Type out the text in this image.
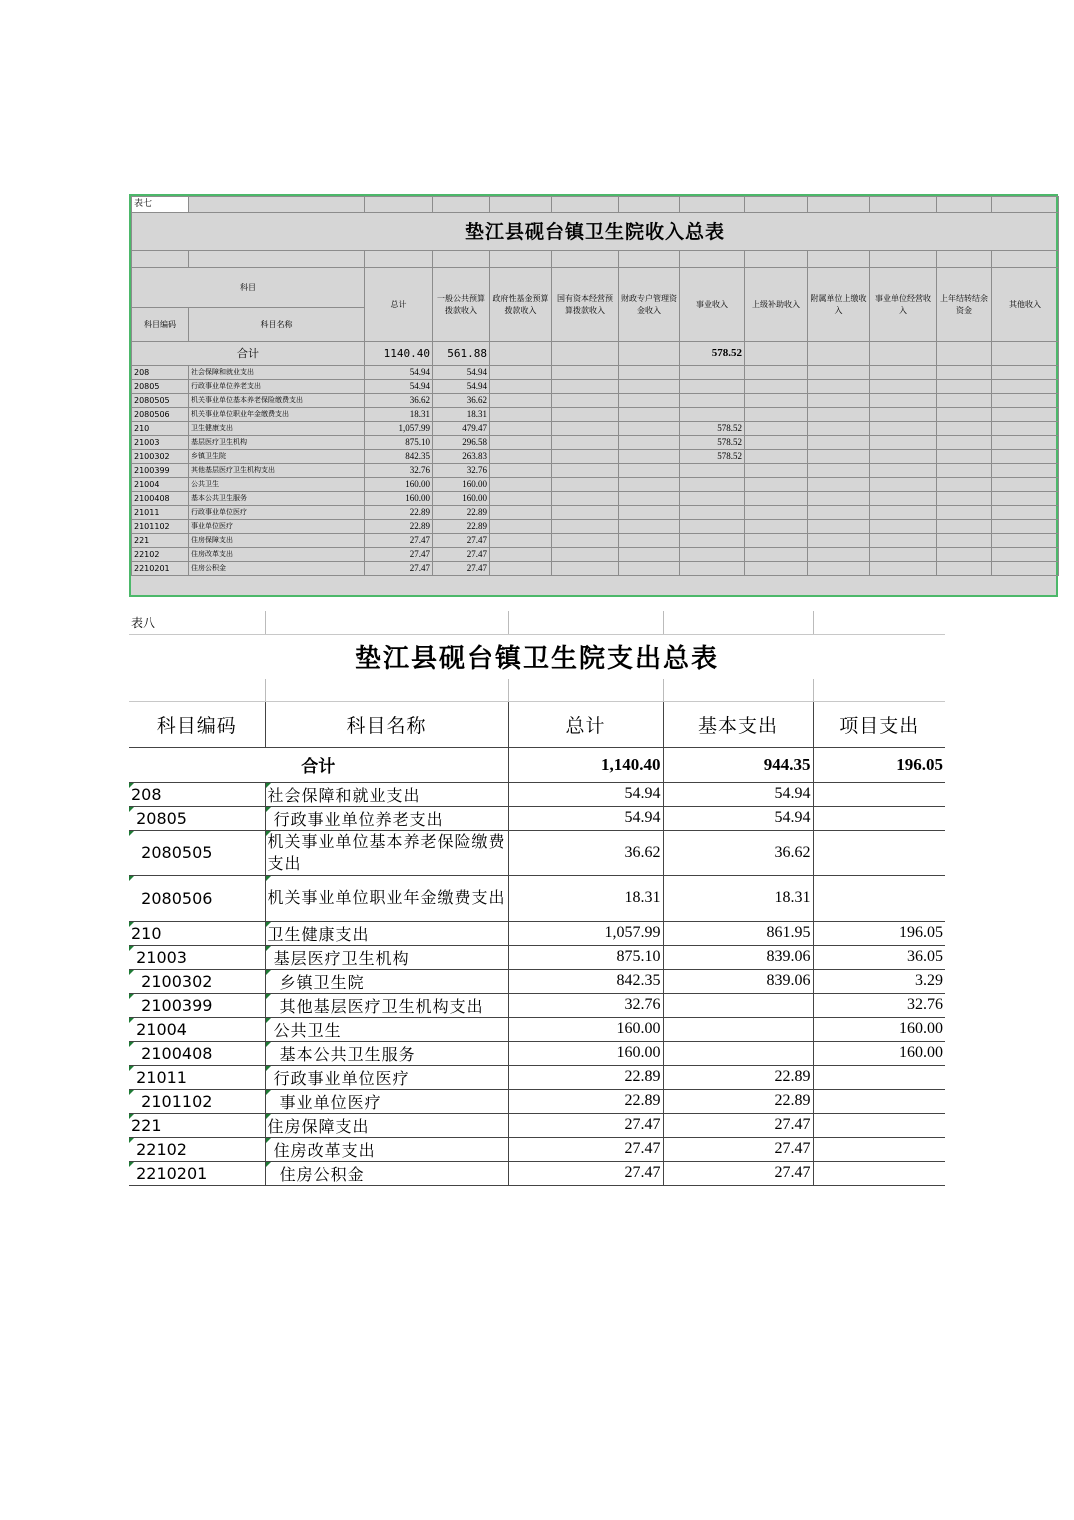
表七												
垫江县砚台镇卫生院收入总表												

科目		总计	一般公共预算拨款收入	政府性基金预算拨款收入	国有资本经营预算拨款收入	财政专户管理资金收入	事业收入	上级补助收入	附属单位上缴收入	事业单位经营收入	上年结转结余资金	其他收入
科目编码	科目名称											
合计		1140.40	561.88				578.52					
208	社会保障和就业支出	54.94	54.94									
20805	行政事业单位养老支出	54.94	54.94									
2080505	机关事业单位基本养老保险缴费支出	36.62	36.62									
2080506	机关事业单位职业年金缴费支出	18.31	18.31									
210	卫生健康支出	1,057.99	479.47				578.52					
21003	基层医疗卫生机构	875.10	296.58				578.52					
2100302	乡镇卫生院	842.35	263.83				578.52					
2100399	其他基层医疗卫生机构支出	32.76	32.76									
21004	公共卫生	160.00	160.00									
2100408	基本公共卫生服务	160.00	160.00									
21011	行政事业单位医疗	22.89	22.89									
2101102	事业单位医疗	22.89	22.89									
221	住房保障支出	27.47	27.47									
22102	住房改革支出	27.47	27.47									
2210201	住房公积金	27.47	27.47									
表八				
垫江县砚台镇卫生院支出总表				

科目编码	科目名称	总计	基本支出	项目支出
合计		1,140.40	944.35	196.05
208	社会保障和就业支出	54.94	54.94	
20805	行政事业单位养老支出	54.94	54.94	
2080505	机关事业单位基本养老保险缴费支出	36.62	36.62	
2080506	机关事业单位职业年金缴费支出	18.31	18.31	
210	卫生健康支出	1,057.99	861.95	196.05
21003	基层医疗卫生机构	875.10	839.06	36.05
2100302	乡镇卫生院	842.35	839.06	3.29
2100399	其他基层医疗卫生机构支出	32.76		32.76
21004	公共卫生	160.00		160.00
2100408	基本公共卫生服务	160.00		160.00
21011	行政事业单位医疗	22.89	22.89	
2101102	事业单位医疗	22.89	22.89	
221	住房保障支出	27.47	27.47	
22102	住房改革支出	27.47	27.47	
2210201	住房公积金	27.47	27.47	
